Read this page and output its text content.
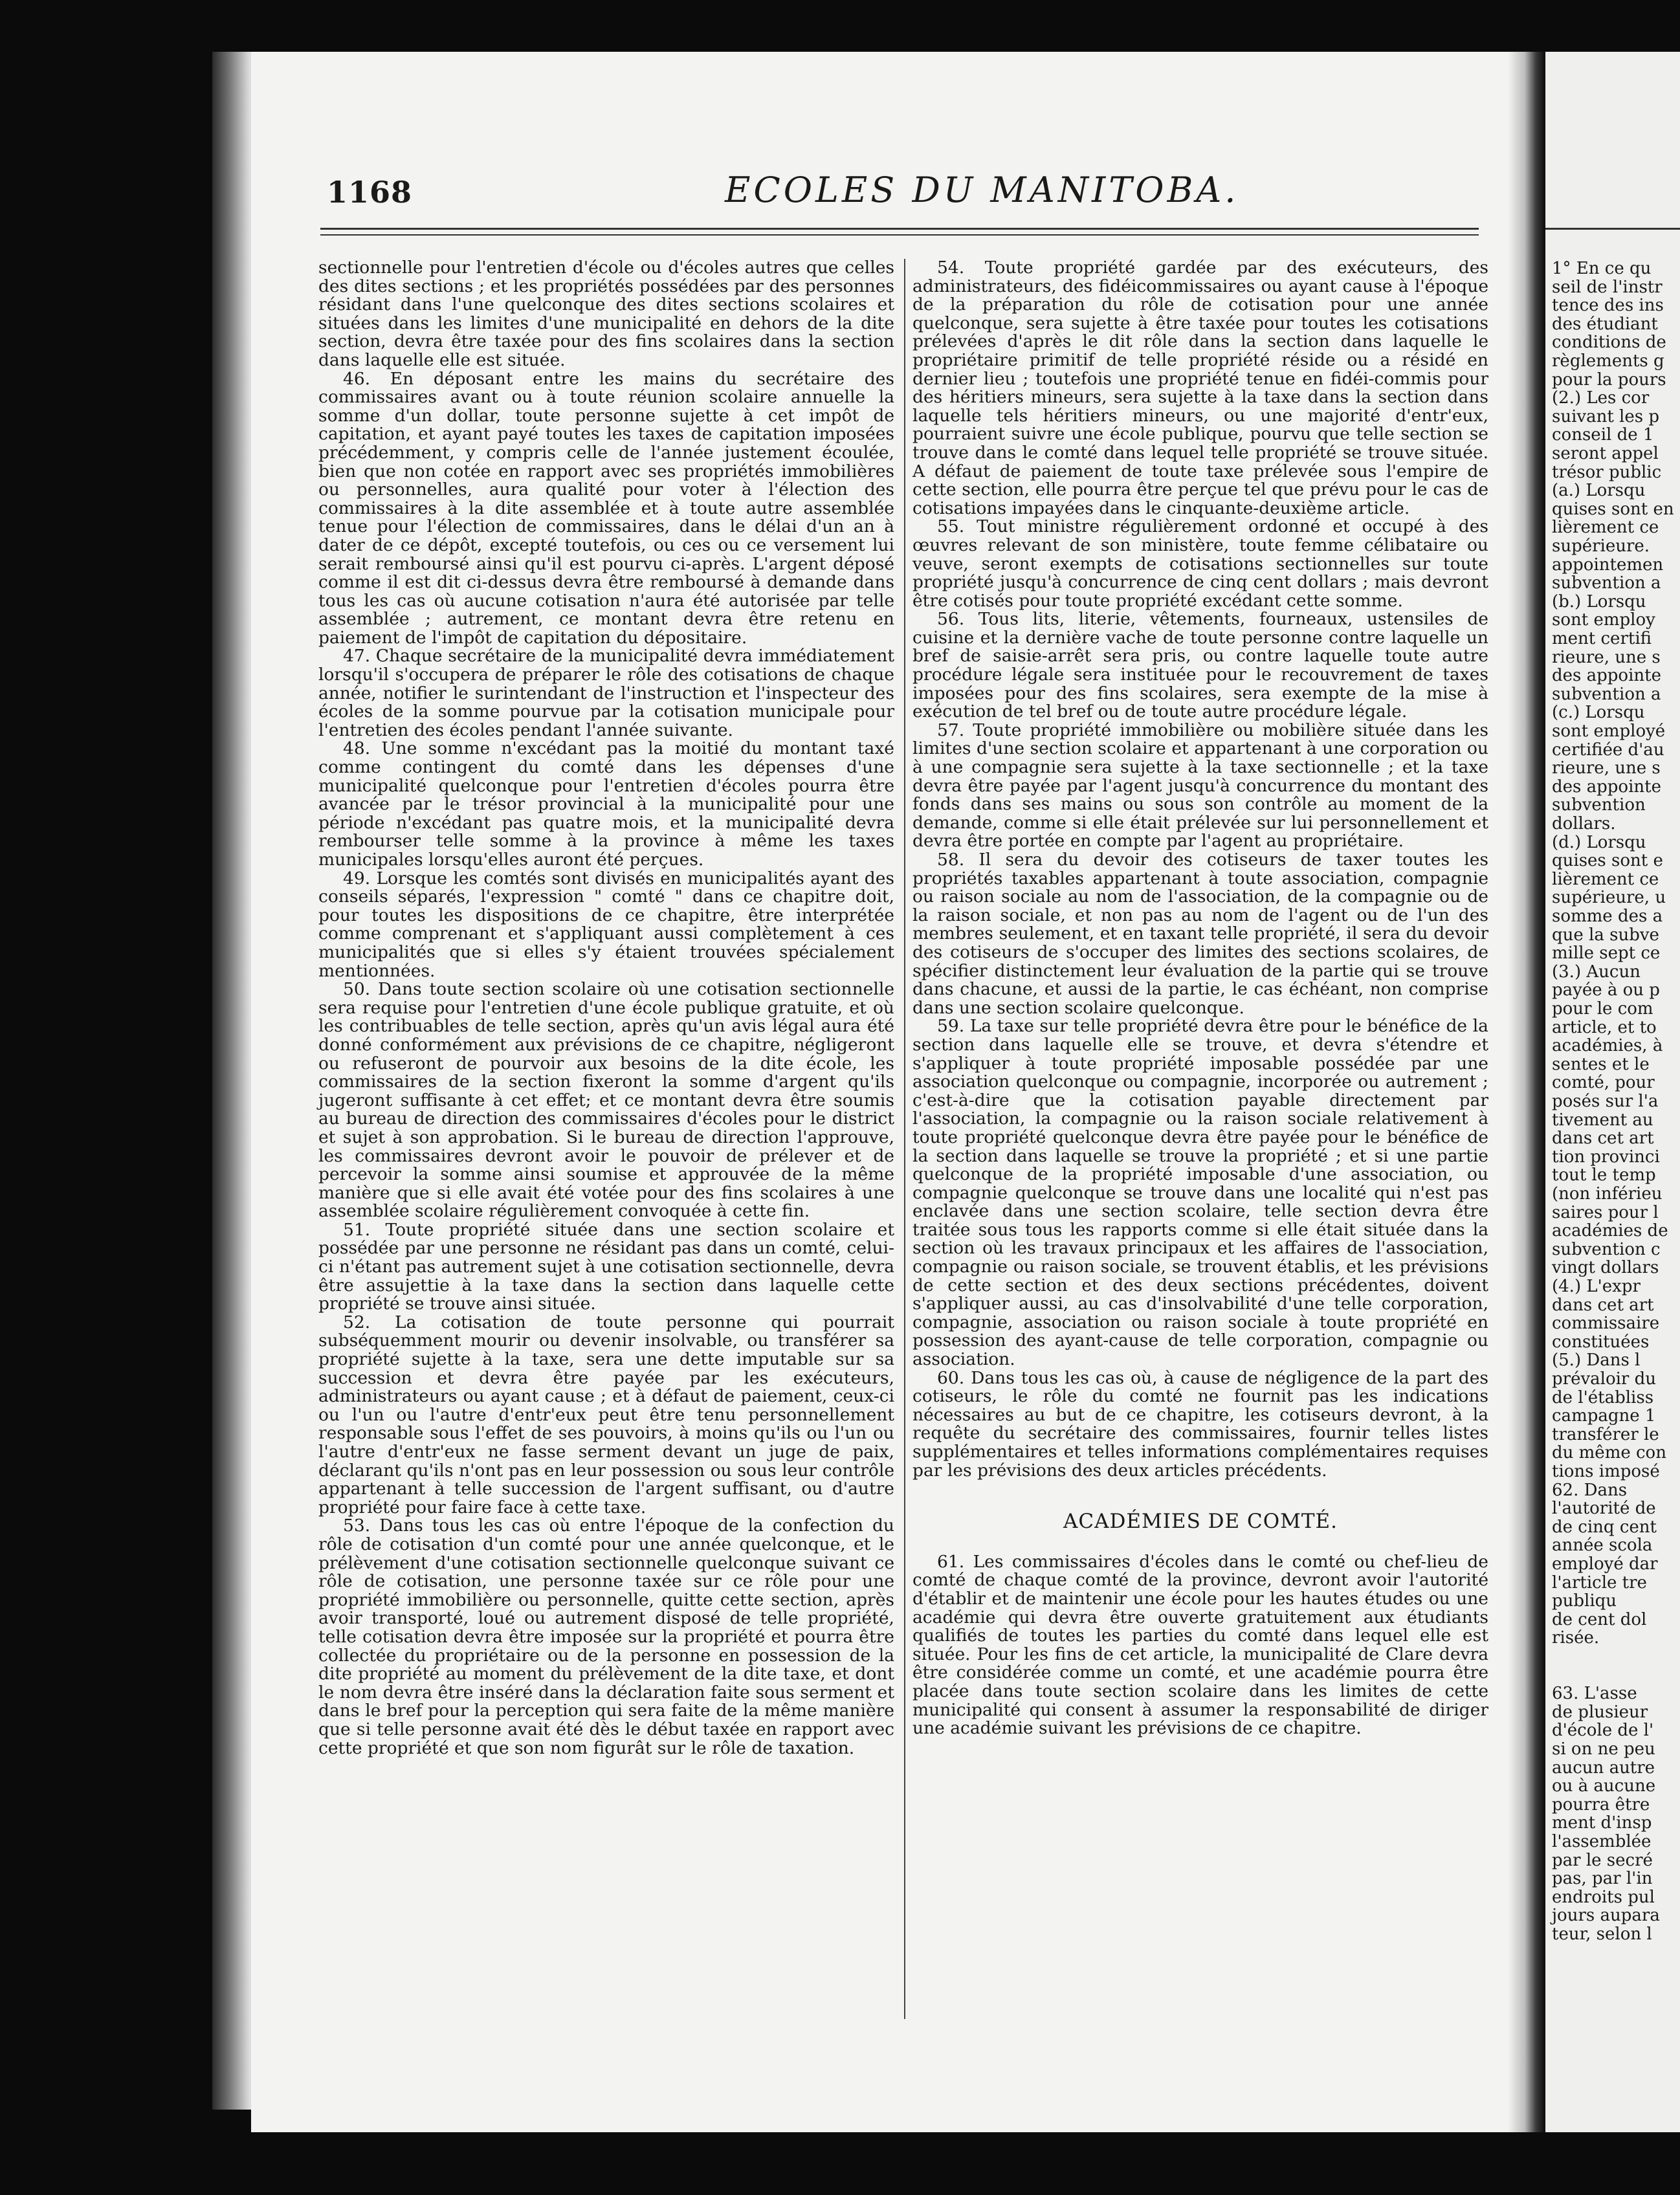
1168	ECOLES DU MANITOBA.

sectionnelle pour l'entretien d'école ou d'écoles autres que celles des dites sections ; et les propriétés possédées par des personnes résidant dans l'une quelconque des dites sections scolaires et situées dans les limites d'une municipalité en dehors de la dite section, devra être taxée pour des fins scolaires dans la section dans laquelle elle est située.

46. En déposant entre les mains du secrétaire des commissaires avant ou à toute réunion scolaire annuelle la somme d'un dollar, toute personne sujette à cet impôt de capitation, et ayant payé toutes les taxes de capitation imposées précédemment, y compris celle de l'année justement écoulée, bien que non cotée en rapport avec ses propriétés immobilières ou personnelles, aura qualité pour voter à l'élection des commissaires à la dite assemblée et à toute autre assemblée tenue pour l'élection de commissaires, dans le délai d'un an à dater de ce dépôt, excepté toutefois, ou ces ou ce versement lui serait remboursé ainsi qu'il est pourvu ci-après. L'argent déposé comme il est dit ci-dessus devra être remboursé à demande dans tous les cas où aucune cotisation n'aura été autorisée par telle assemblée ; autrement, ce montant devra être retenu en paiement de l'impôt de capitation du dépositaire.

47. Chaque secrétaire de la municipalité devra immédiatement lorsqu'il s'occupera de préparer le rôle des cotisations de chaque année, notifier le surintendant de l'instruction et l'inspecteur des écoles de la somme pourvue par la cotisation municipale pour l'entretien des écoles pendant l'année suivante.

48. Une somme n'excédant pas la moitié du montant taxé comme contingent du comté dans les dépenses d'une municipalité quelconque pour l'entretien d'écoles pourra être avancée par le trésor provincial à la municipalité pour une période n'excédant pas quatre mois, et la municipalité devra rembourser telle somme à la province à même les taxes municipales lorsqu'elles auront été perçues.

49. Lorsque les comtés sont divisés en municipalités ayant des conseils séparés, l'expression " comté " dans ce chapitre doit, pour toutes les dispositions de ce chapitre, être interprétée comme comprenant et s'appliquant aussi complètement à ces municipalités que si elles s'y étaient trouvées spécialement mentionnées.

50. Dans toute section scolaire où une cotisation sectionnelle sera requise pour l'entretien d'une école publique gratuite, et où les contribuables de telle section, après qu'un avis légal aura été donné conformément aux prévisions de ce chapitre, négligeront ou refuseront de pourvoir aux besoins de la dite école, les commissaires de la section fixeront la somme d'argent qu'ils jugeront suffisante à cet effet; et ce montant devra être soumis au bureau de direction des commissaires d'écoles pour le district et sujet à son approbation. Si le bureau de direction l'approuve, les commissaires devront avoir le pouvoir de prélever et de percevoir la somme ainsi soumise et approuvée de la même manière que si elle avait été votée pour des fins scolaires à une assemblée scolaire régulièrement convoquée à cette fin.

51. Toute propriété située dans une section scolaire et possédée par une personne ne résidant pas dans un comté, celui-ci n'étant pas autrement sujet à une cotisation sectionnelle, devra être assujettie à la taxe dans la section dans laquelle cette propriété se trouve ainsi située.

52. La cotisation de toute personne qui pourrait subséquemment mourir ou devenir insolvable, ou transférer sa propriété sujette à la taxe, sera une dette imputable sur sa succession et devra être payée par les exécuteurs, administrateurs ou ayant cause ; et à défaut de paiement, ceux-ci ou l'un ou l'autre d'entr'eux peut être tenu personnellement responsable sous l'effet de ses pouvoirs, à moins qu'ils ou l'un ou l'autre d'entr'eux ne fasse serment devant un juge de paix, déclarant qu'ils n'ont pas en leur possession ou sous leur contrôle appartenant à telle succession de l'argent suffisant, ou d'autre propriété pour faire face à cette taxe.

53. Dans tous les cas où entre l'époque de la confection du rôle de cotisation d'un comté pour une année quelconque, et le prélèvement d'une cotisation sectionnelle quelconque suivant ce rôle de cotisation, une personne taxée sur ce rôle pour une propriété immobilière ou personnelle, quitte cette section, après avoir transporté, loué ou autrement disposé de telle propriété, telle cotisation devra être imposée sur la propriété et pourra être collectée du propriétaire ou de la personne en possession de la dite propriété au moment du prélèvement de la dite taxe, et dont le nom devra être inséré dans la déclaration faite sous serment et dans le bref pour la perception qui sera faite de la même manière que si telle personne avait été dès le début taxée en rapport avec cette propriété et que son nom figurât sur le rôle de taxation.

54. Toute propriété gardée par des exécuteurs, des administrateurs, des fidéicommissaires ou ayant cause à l'époque de la préparation du rôle de cotisation pour une année quelconque, sera sujette à être taxée pour toutes les cotisations prélevées d'après le dit rôle dans la section dans laquelle le propriétaire primitif de telle propriété réside ou a résidé en dernier lieu ; toutefois une propriété tenue en fidéi-commis pour des héritiers mineurs, sera sujette à la taxe dans la section dans laquelle tels héritiers mineurs, ou une majorité d'entr'eux, pourraient suivre une école publique, pourvu que telle section se trouve dans le comté dans lequel telle propriété se trouve située. A défaut de paiement de toute taxe prélevée sous l'empire de cette section, elle pourra être perçue tel que prévu pour le cas de cotisations impayées dans le cinquante-deuxième article.

55. Tout ministre régulièrement ordonné et occupé à des œuvres relevant de son ministère, toute femme célibataire ou veuve, seront exempts de cotisations sectionnelles sur toute propriété jusqu'à concurrence de cinq cent dollars ; mais devront être cotisés pour toute propriété excédant cette somme.

56. Tous lits, literie, vêtements, fourneaux, ustensiles de cuisine et la dernière vache de toute personne contre laquelle un bref de saisie-arrêt sera pris, ou contre laquelle toute autre procédure légale sera instituée pour le recouvrement de taxes imposées pour des fins scolaires, sera exempte de la mise à exécution de tel bref ou de toute autre procédure légale.

57. Toute propriété immobilière ou mobilière située dans les limites d'une section scolaire et appartenant à une corporation ou à une compagnie sera sujette à la taxe sectionnelle ; et la taxe devra être payée par l'agent jusqu'à concurrence du montant des fonds dans ses mains ou sous son contrôle au moment de la demande, comme si elle était prélevée sur lui personnellement et devra être portée en compte par l'agent au propriétaire.

58. Il sera du devoir des cotiseurs de taxer toutes les propriétés taxables appartenant à toute association, compagnie ou raison sociale au nom de l'association, de la compagnie ou de la raison sociale, et non pas au nom de l'agent ou de l'un des membres seulement, et en taxant telle propriété, il sera du devoir des cotiseurs de s'occuper des limites des sections scolaires, de spécifier distinctement leur évaluation de la partie qui se trouve dans chacune, et aussi de la partie, le cas échéant, non comprise dans une section scolaire quelconque.

59. La taxe sur telle propriété devra être pour le bénéfice de la section dans laquelle elle se trouve, et devra s'étendre et s'appliquer à toute propriété imposable possédée par une association quelconque ou compagnie, incorporée ou autrement ; c'est-à-dire que la cotisation payable directement par l'association, la compagnie ou la raison sociale relativement à toute propriété quelconque devra être payée pour le bénéfice de la section dans laquelle se trouve la propriété ; et si une partie quelconque de la propriété imposable d'une association, ou compagnie quelconque se trouve dans une localité qui n'est pas enclavée dans une section scolaire, telle section devra être traitée sous tous les rapports comme si elle était située dans la section où les travaux principaux et les affaires de l'association, compagnie ou raison sociale, se trouvent établis, et les prévisions de cette section et des deux sections précédentes, doivent s'appliquer aussi, au cas d'insolvabilité d'une telle corporation, compagnie, association ou raison sociale à toute propriété en possession des ayant-cause de telle corporation, compagnie ou association.

60. Dans tous les cas où, à cause de négligence de la part des cotiseurs, le rôle du comté ne fournit pas les indications nécessaires au but de ce chapitre, les cotiseurs devront, à la requête du secrétaire des commissaires, fournir telles listes supplémentaires et telles informations complémentaires requises par les prévisions des deux articles précédents.

ACADÉMIES DE COMTÉ.

61. Les commissaires d'écoles dans le comté ou chef-lieu de comté de chaque comté de la province, devront avoir l'autorité d'établir et de maintenir une école pour les hautes études ou une académie qui devra être ouverte gratuitement aux étudiants qualifiés de toutes les parties du comté dans lequel elle est située. Pour les fins de cet article, la municipalité de Clare devra être considérée comme un comté, et une académie pourra être placée dans toute section scolaire dans les limites de cette municipalité qui consent à assumer la responsabilité de diriger une académie suivant les prévisions de ce chapitre.

1° En ce qu
seil de l'instr
tence des ins
des étudiant
conditions de
règlements g
pour la pours
(2.) Les cor
suivant les p
conseil de 1
seront appel
trésor public
(a.) Lorsqu
quises sont en
lièrement ce
supérieure.
appointemen
subvention a
(b.) Lorsqu
sont employ
ment certifi
rieure, une s
des appointe
subvention a
(c.) Lorsqu
sont employé
certifiée d'au
rieure, une s
des appointe
subvention
dollars.
(d.) Lorsqu
quises sont e
lièrement ce
supérieure, u
somme des a
que la subve
mille sept ce
(3.) Aucun
payée à ou p
pour le com
article, et to
académies, à
sentes et le
comté, pour
posés sur l'a
tivement au
dans cet art
tion provinci
tout le temp
(non inférieu
saires pour l
académies de
subvention c
vingt dollars
(4.) L'expr
dans cet art
commissaire
constituées
(5.) Dans l
prévaloir du
de l'établiss
campagne 1
transférer le
du même con
tions imposé
62. Dans
l'autorité de
de cinq cent
année scola
employé dar
l'article tre
publiqu
de cent dol
risée.
63. L'asse
de plusieur
d'école de l'
si on ne peu
aucun autre
ou à aucune
pourra être
ment d'insp
l'assemblée
par le secré
pas, par l'in
endroits pul
jours aupara
teur, selon l
